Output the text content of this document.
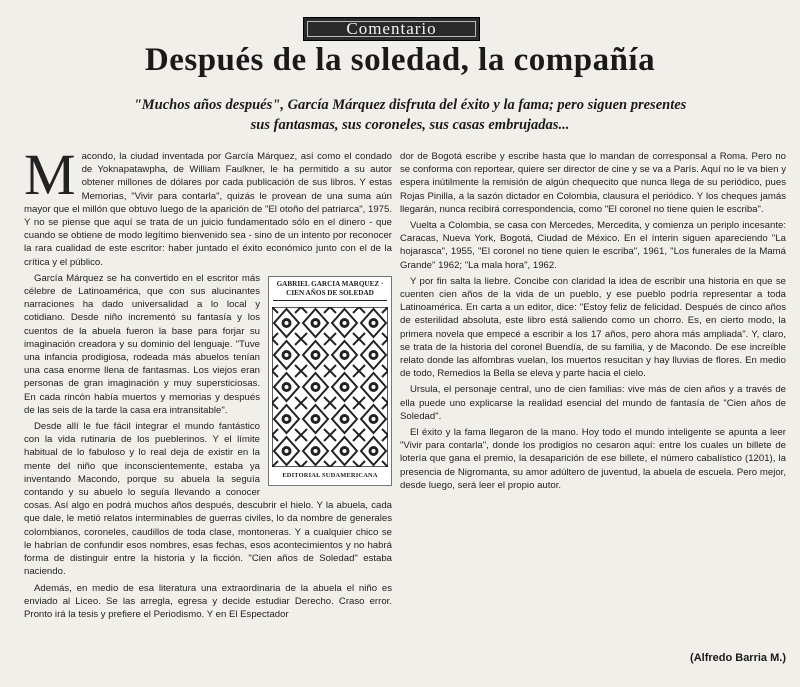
Comentario
Después de la soledad, la compañía

"Muchos años después", García Márquez disfruta del éxito y la fama; pero siguen presentes sus fantasmas, sus coroneles, sus casas embrujadas...

M acondo, la ciudad inventada por García Márquez, así como el condado de Yoknapatawpha, de William Faulkner, le ha permitido a su autor obtener millones de dólares por cada publicación de sus libros. Y estas Memorias, "Vivir para contarla", quizás le provean de una suma aún mayor que el millón que obtuvo luego de la aparición de "El otoño del patriarca", 1975. Y no se piense que aquí se trata de un juicio fundamentado sólo en el dinero - que cuando se obtiene de modo legítimo bienvenido sea - sino de un intento por reconocer la rara cualidad de este escritor: haber juntado el éxito económico junto con el de la crítica y el público.

GABRIEL GARCIA MARQUEZ · CIEN AÑOS DE SOLEDAD
EDITORIAL SUDAMERICANA

García Márquez se ha convertido en el escritor más célebre de Latinoamérica, que con sus alucinantes narraciones ha dado universalidad a lo local y cotidiano. Desde niño incrementó su fantasía y los cuentos de la abuela fueron la base para forjar su imaginación creadora y su dominio del lenguaje. "Tuve una infancia prodigiosa, rodeada más abuelos tenían una casa enorme llena de fantasmas. Los viejos eran personas de gran imaginación y muy supersticiosas. En cada rincón había muertos y memorias y después de las seis de la tarde la casa era intransitable".

Desde allí le fue fácil integrar el mundo fantástico con la vida rutinaria de los pueblerinos. Y el límite habitual de lo fabuloso y lo real deja de existir en la mente del niño que inconscientemente, estaba ya inventando Macondo, porque su abuela la seguía contando y su abuelo lo seguía llevando a conocer cosas. Así algo en podrá muchos años después, descubrir el hielo. Y la abuela, cada que dale, le metió relatos interminables de guerras civiles, lo da nombre de generales colombianos, coroneles, caudillos de toda clase, montoneras. Y a cualquier chico se le habrían de confundir esos nombres, esas fechas, esos acontecimientos y no habrá forma de distinguir entre la historia y la ficción. "Cien años de Soledad" estaba naciendo.

Además, en medio de esa literatura una extraordinaria de la abuela el niño es enviado al Liceo. Se las arregla, egresa y decide estudiar Derecho. Craso error. Pronto irá la tesis y prefiere el Periodismo. Y en El Espectador

dor de Bogotá escribe y escribe hasta que lo mandan de corresponsal a Roma. Pero no se conforma con reportear, quiere ser director de cine y se va a París. Aquí no le va bien y espera inútilmente la remisión de algún chequecito que nunca llega de su periódico, pues Rojas Pinilla, a la sazón dictador en Colombia, clausura el periódico. Y los cheques jamás llegarán, nunca recibirá correspondencia, como "El coronel no tiene quien le escriba".

Vuelta a Colombia, se casa con Mercedes, Mercedita, y comienza un periplo incesante: Caracas, Nueva York, Bogotá, Ciudad de México. En el ínterin siguen apareciendo "La hojarasca", 1955, "El coronel no tiene quien le escriba", 1961, "Los funerales de la Mamá Grande" 1962; "La mala hora", 1962.

Y por fin salta la liebre. Concibe con claridad la idea de escribir una historia en que se cuenten cien años de la vida de un pueblo, y ese pueblo podría representar a toda Latinoamérica. En carta a un editor, dice: "Estoy feliz de felicidad. Después de cinco años de esterilidad absoluta, este libro está saliendo como un chorro. Es, en cierto modo, la primera novela que empecé a escribir a los 17 años, pero ahora más ampliada". Y, claro, se trata de la historia del coronel Buendía, de su familia, y de Macondo. De ese increíble relato donde las alfombras vuelan, los muertos resucitan y hay lluvias de flores. En medio de todo, Remedios la Bella se eleva y parte hacia el cielo.

Ursula, el personaje central, uno de cien familias: vive más de cien años y a través de ella puede uno explicarse la realidad esencial del mundo de fantasía de "Cien años de Soledad".

El éxito y la fama llegaron de la mano. Hoy todo el mundo inteligente se apunta a leer "Vivir para contarla", donde los prodigios no cesaron aquí: entre los cuales un billete de lotería que gana el premio, la desaparición de ese billete, el número cabalístico (1201), la presencia de Nigromanta, su amor adúltero de juventud, la abuela de escuela. Pero mejor, desde luego, será leer el propio autor.

(Alfredo Barria M.)
